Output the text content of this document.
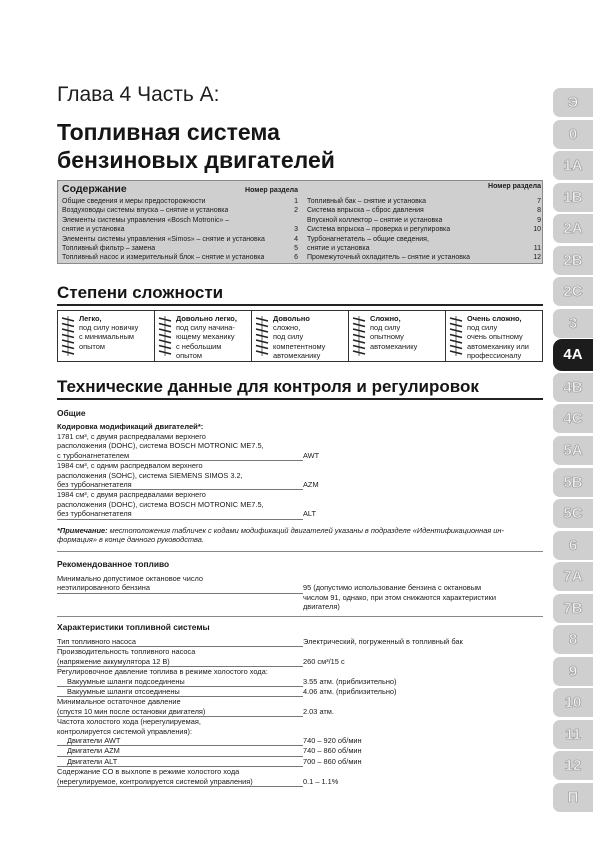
Глава 4 Часть А:
Топливная система
бензиновых двигателей
Содержание	Номер раздела
Общие сведения и меры предосторожности	1
Воздуховоды системы впуска – снятие и установка	2
Элементы системы управления «Bosch Motronic» –
снятие и установка	3
Элементы системы управления «Simos» – снятие и установка	4
Топливный фильтр – замена	5
Топливный насос и измерительный блок – снятие и установка	6
Номер раздела
Топливный бак – снятие и установка	7
Система впрыска – сброс давления	8
Впускной коллектор – снятие и установка	9
Система впрыска – проверка и регулировка	10
Турбонагнетатель – общие сведения,
снятие и установка	11
Промежуточный охладитель – снятие и установка	12
Степени сложности
Легко,
под силу новичку
с минимальным
опытом
Довольно легко,
под силу начина-
ющему механику
с небольшим
опытом
Довольно
сложно,
под силу
компетентному
автомеханику
Сложно,
под силу
опытному
автомеханику
Очень сложно,
под силу
очень опытному
автомеханику или
профессионалу
Технические данные для контроля и регулировок
Общие
Кодировка модификаций двигателей*:
1781 см³, с двумя распредвалами верхнего
расположения (DOHC), система BOSCH MOTRONIC ME7.5,
с турбонагнетателем	AWT
1984 см³, с одним распредвалом верхнего
расположения (SOHC), система SIEMENS SIMOS 3.2,
без турбонагнетателя	AZM
1984 см³, с двумя распредвалами верхнего
расположения (DOHC), система BOSCH MOTRONIC ME7.5,
без турбонагнетателя	ALT
*Примечание: местоположения табличек с кодами модификаций двигателей указаны в подразделе «Идентификационная ин-
формация» в конце данного руководства.
Рекомендованное топливо
Минимально допустимое октановое число
неэтилированного бензина	95 (допустимо использование бензина с октановым
числом 91, однако, при этом снижаются характеристики
двигателя)
Характеристики топливной системы
Тип топливного насоса	Электрический, погруженный в топливный бак
Производительность топливного насоса
(напряжение аккумулятора 12 В)	260 см³/15 с
Регулировочное давление топлива в режиме холостого хода:
Вакуумные шланги подсоединены	3.55 атм. (приблизительно)
Вакуумные шланги отсоединены	4.06 атм. (приблизительно)
Минимальное остаточное давление
(спустя 10 мин после остановки двигателя)	2.03 атм.
Частота холостого хода (нерегулируемая,
контролируется системой управления):
Двигатели AWT	740 – 920 об/мин
Двигатели AZM	740 – 860 об/мин
Двигатели ALT	700 – 860 об/мин
Содержание CO в выхлопе в режиме холостого хода
(нерегулируемое, контролируется системой управления)	0.1 – 1.1%
Э
0
1A
1B
2A
2B
2C
3
4A
4B
4C
5A
5B
5C
6
7A
7B
8
9
10
11
12
П
